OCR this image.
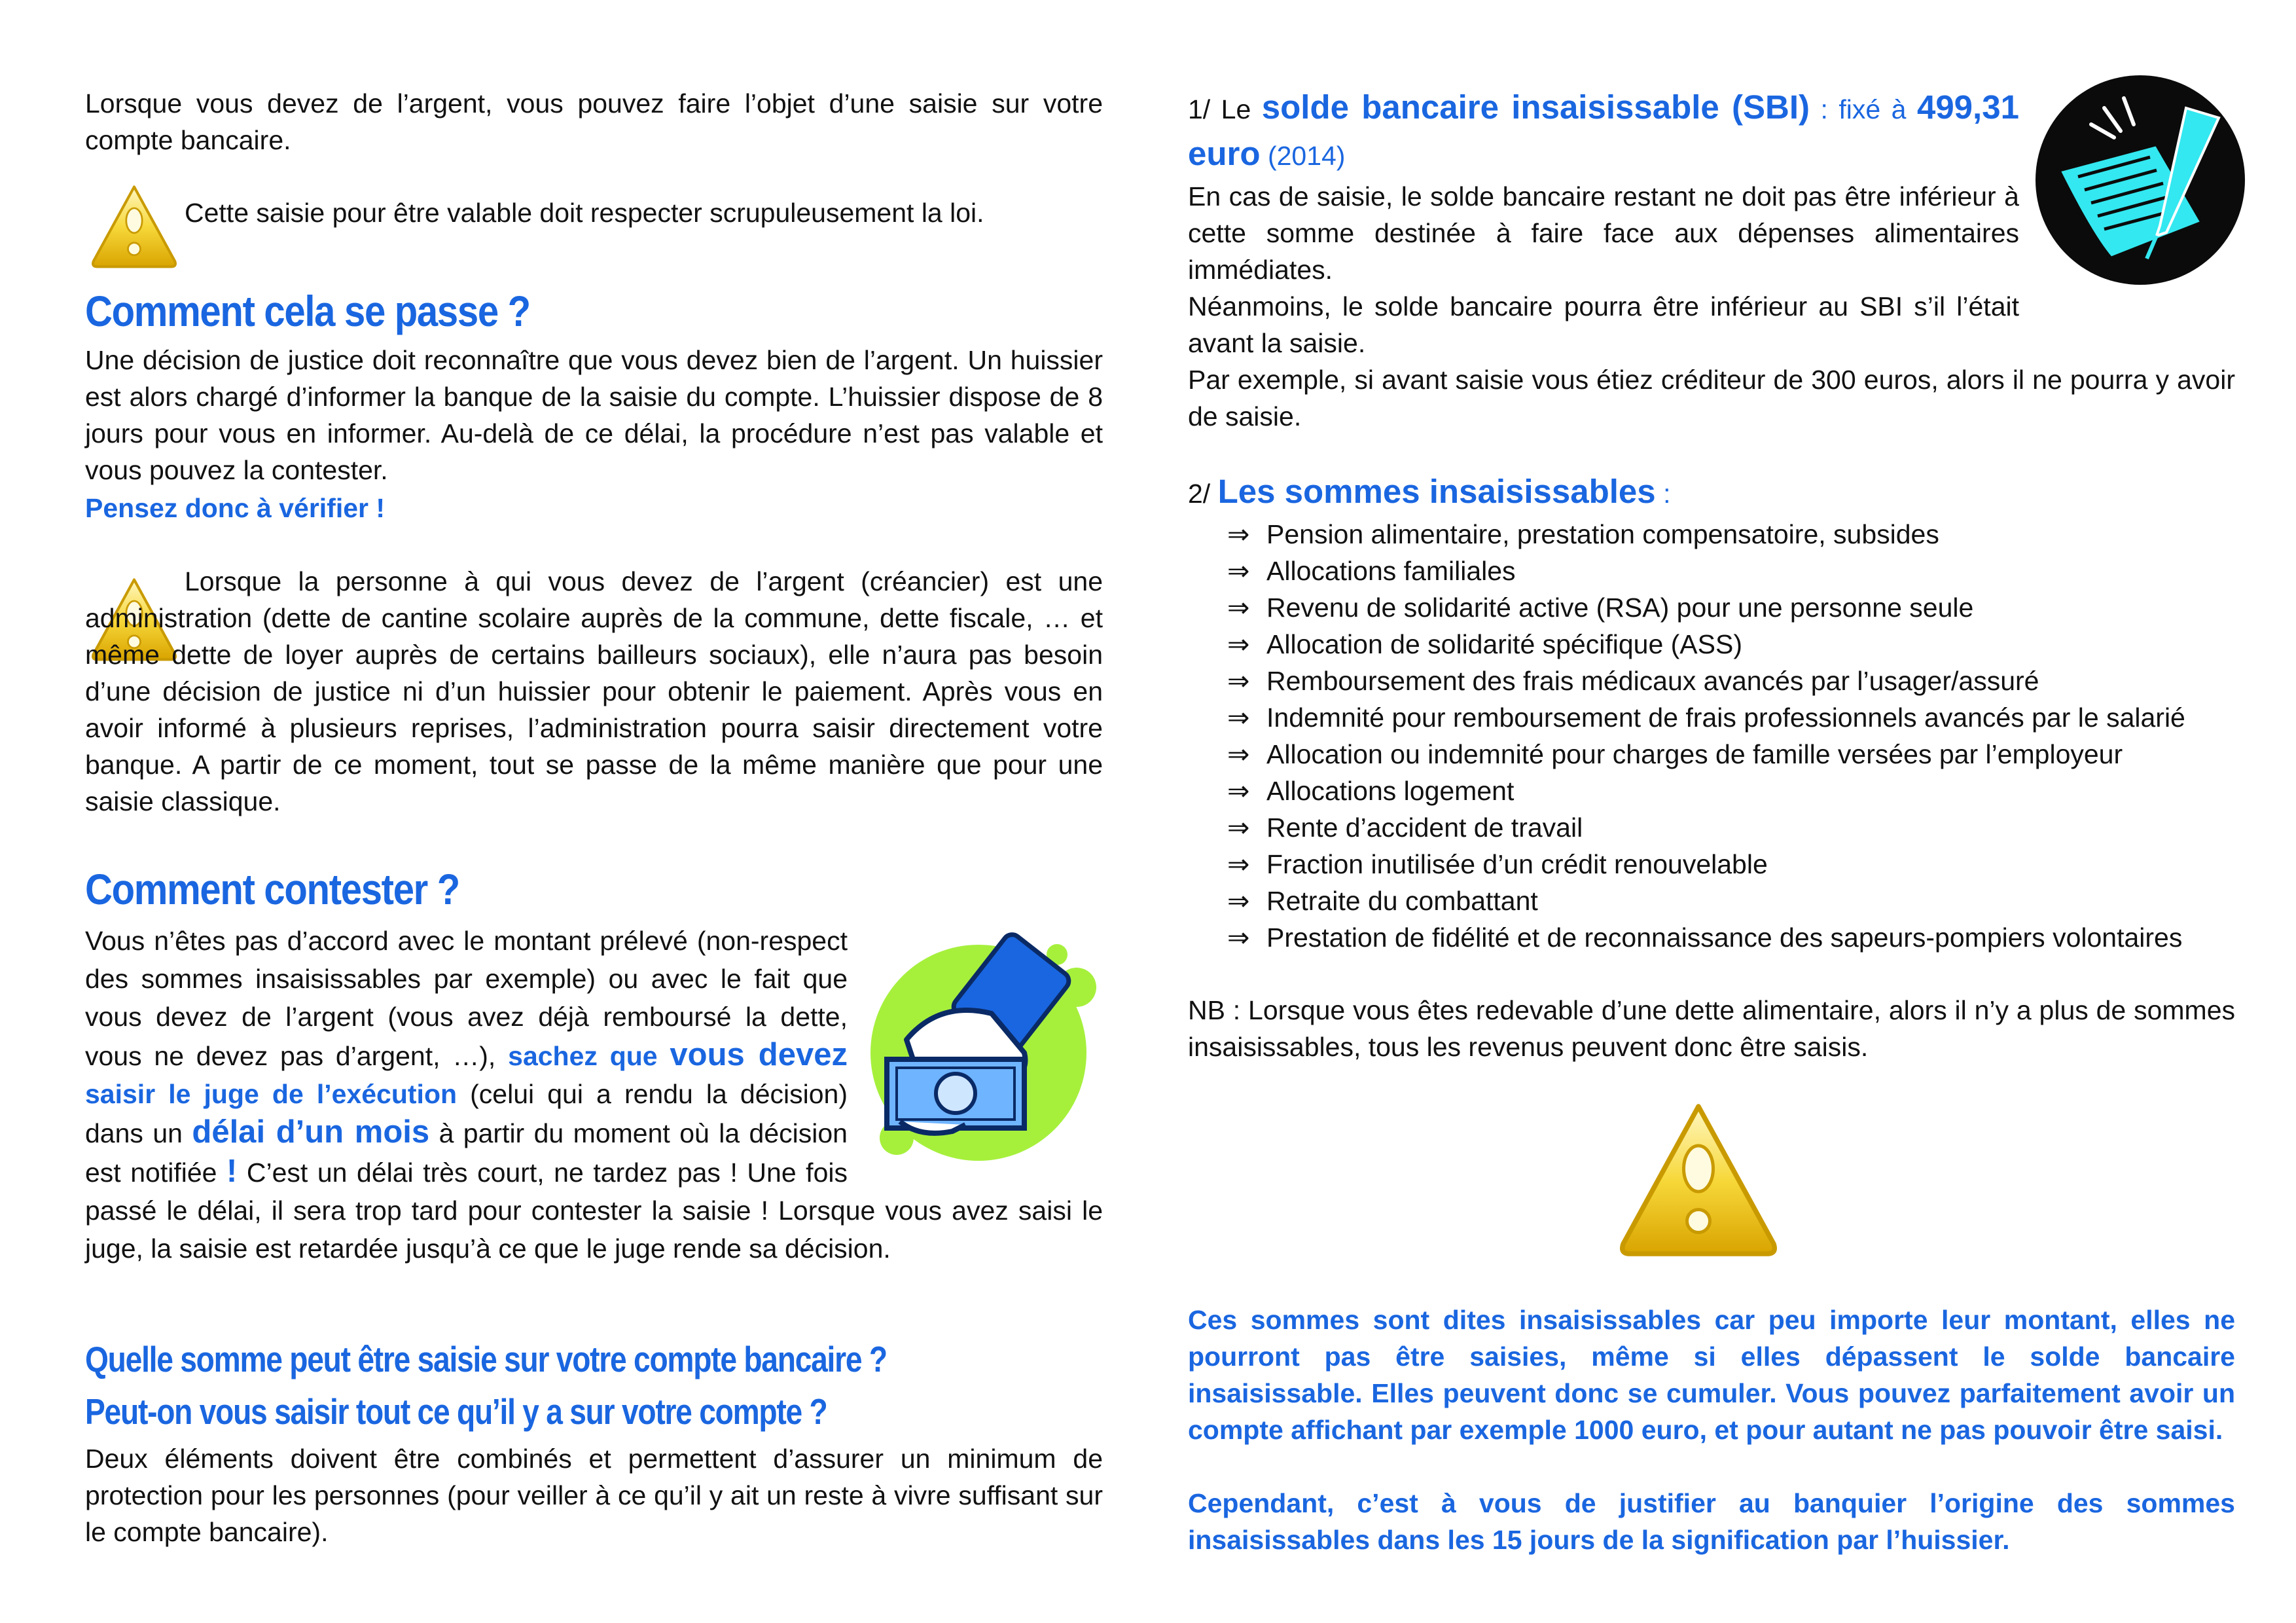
Lorsque vous devez de l’argent, vous pouvez faire l’objet d’une saisie sur votre compte bancaire.

Cette saisie pour être valable doit respecter scrupuleusement la loi.

Comment cela se passe ?

Une décision de justice doit reconnaître que vous devez bien de l’argent. Un huissier est alors chargé d’informer la banque de la saisie du compte. L’huissier dispose de 8 jours pour vous en informer. Au-delà de ce délai, la procédure n’est pas valable et vous pouvez la contester.

Pensez donc à vérifier !

Lorsque la personne à qui vous devez de l’argent (créancier) est une administration (dette de cantine scolaire auprès de la commune, dette fiscale, … et même dette de loyer auprès de certains bailleurs sociaux), elle n’aura pas besoin d’une décision de justice ni d’un huissier pour obtenir le paiement. Après vous en avoir informé à plusieurs reprises, l’administration pourra saisir directement votre banque. A partir de ce moment, tout se passe de la même manière que pour une saisie classique.

Comment contester ?

Vous n’êtes pas d’accord avec le montant prélevé (non-respect des sommes insaisissables par exemple) ou avec le fait que vous devez de l’argent (vous avez déjà remboursé la dette, vous ne devez pas d’argent, …), sachez que vous devez saisir le juge de l’exécution (celui qui a rendu la décision) dans un délai d’un mois à partir du moment où la décision est notifiée ! C’est un délai très court, ne tardez pas ! Une fois passé le délai, il sera trop tard pour contester la saisie ! Lorsque vous avez saisi le juge, la saisie est retardée jusqu’à ce que le juge rende sa décision.

Quelle somme peut être saisie sur votre compte bancaire ?
Peut-on vous saisir tout ce qu’il y a sur votre compte ?

Deux éléments doivent être combinés et permettent d’assurer un minimum de protection pour les personnes (pour veiller à ce qu’il y ait un reste à vivre suffisant sur le compte bancaire).

1/ Le solde bancaire insaisissable (SBI) : fixé à 499,31 euro (2014)

En cas de saisie, le solde bancaire restant ne doit pas être inférieur à cette somme destinée à faire face aux dépenses alimentaires immédiates.

Néanmoins, le solde bancaire pourra être inférieur au SBI s’il l’était avant la saisie.

Par exemple, si avant saisie vous étiez créditeur de 300 euros, alors il ne pourra y avoir de saisie.

2/ Les sommes insaisissables :

⇒ Pension alimentaire, prestation compensatoire, subsides
⇒ Allocations familiales
⇒ Revenu de solidarité active (RSA) pour une personne seule
⇒ Allocation de solidarité spécifique (ASS)
⇒ Remboursement des frais médicaux avancés par l’usager/assuré
⇒ Indemnité pour remboursement de frais professionnels avancés par le salarié
⇒ Allocation ou indemnité pour charges de famille versées par l’employeur
⇒ Allocations logement
⇒ Rente d’accident de travail
⇒ Fraction inutilisée d’un crédit renouvelable
⇒ Retraite du combattant
⇒ Prestation de fidélité et de reconnaissance des sapeurs-pompiers volontaires

NB : Lorsque vous êtes redevable d’une dette alimentaire, alors il n’y a plus de sommes insaisissables, tous les revenus peuvent donc être saisis.

Ces sommes sont dites insaisissables car peu importe leur montant, elles ne pourront pas être saisies, même si elles dépassent le solde bancaire insaisissable. Elles peuvent donc se cumuler. Vous pouvez parfaitement avoir un compte affichant par exemple 1000 euro, et pour autant ne pas pouvoir être saisi.

Cependant, c’est à vous de justifier au banquier l’origine des sommes insaisissables dans les 15 jours de la signification par l’huissier.
